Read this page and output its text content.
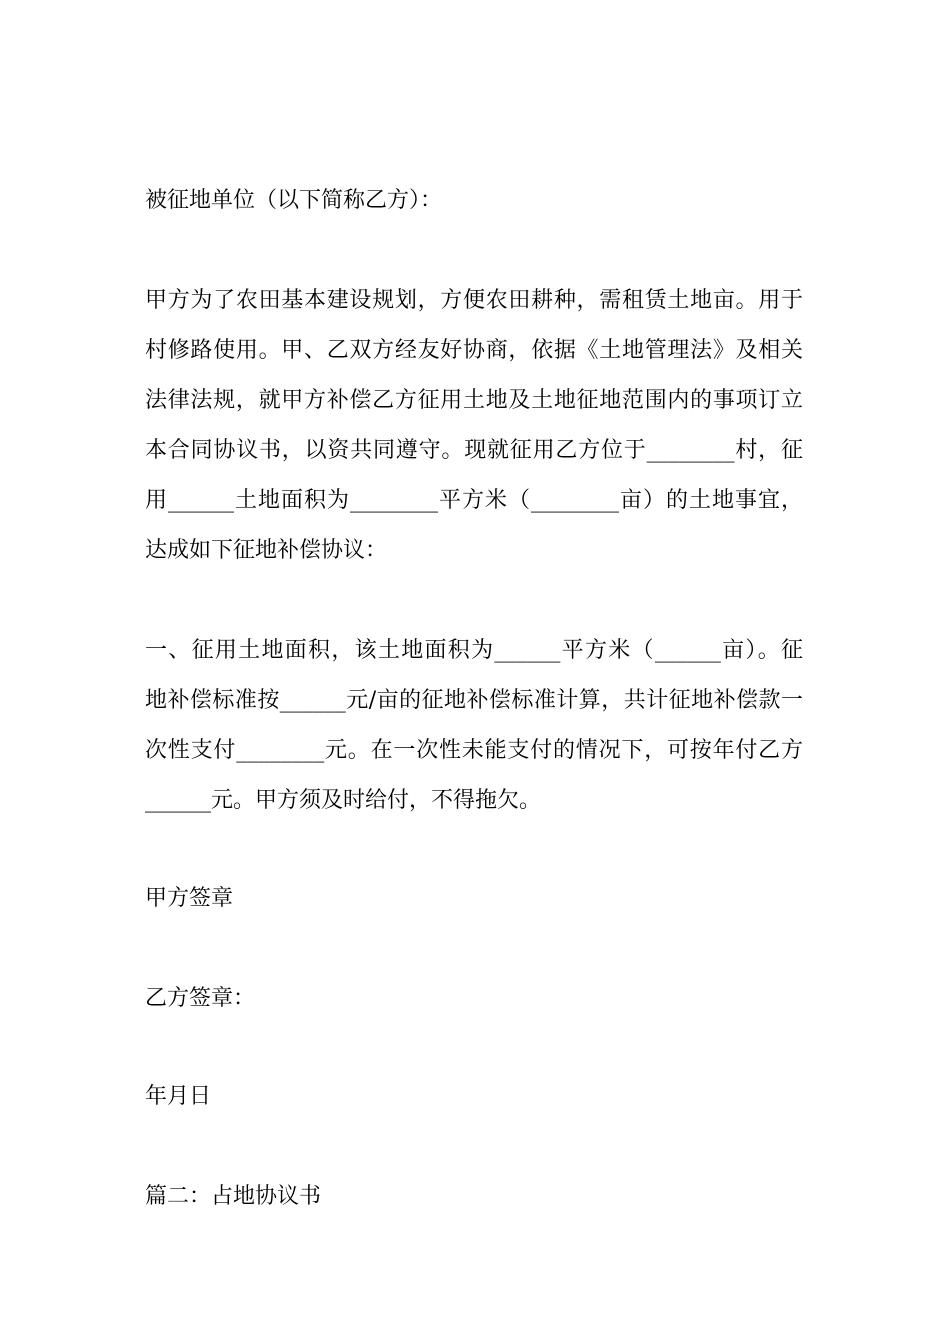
被征地单位（以下简称乙方）：
甲方为了农田基本建设规划，方便农田耕种，需租赁土地亩。用于
村修路使用。甲、乙双方经友好协商，依据《土地管理法》及相关
法律法规，就甲方补偿乙方征用土地及土地征地范围内的事项订立
本合同协议书，以资共同遵守。现就征用乙方位于________村，征
用______土地面积为________平方米（________亩）的土地事宜，
达成如下征地补偿协议：
一、征用土地面积，该土地面积为______平方米（______亩）。征
地补偿标准按______元/亩的征地补偿标准计算，共计征地补偿款一
次性支付________元。在一次性未能支付的情况下，可按年付乙方
______元。甲方须及时给付，不得拖欠。
甲方签章
乙方签章：
年月日
篇二：占地协议书
